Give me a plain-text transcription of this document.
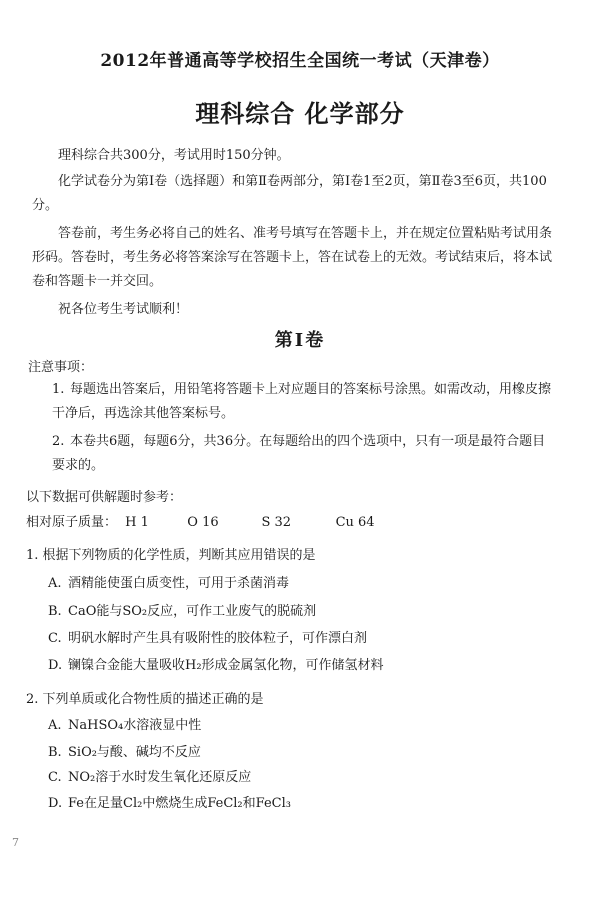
2012年普通高等学校招生全国统一考试（天津卷）
理科综合 化学部分

理科综合共300分，考试用时150分钟。

化学试卷分为第Ⅰ卷（选择题）和第Ⅱ卷两部分，第Ⅰ卷1至2页，第Ⅱ卷3至6页，共100分。

答卷前，考生务必将自己的姓名、准考号填写在答题卡上，并在规定位置粘贴考试用条形码。答卷时，考生务必将答案涂写在答题卡上，答在试卷上的无效。考试结束后，将本试卷和答题卡一并交回。

祝各位考生考试顺利！

第Ⅰ卷
注意事项：
1. 每题选出答案后，用铅笔将答题卡上对应题目的答案标号涂黑。如需改动，用橡皮擦干净后，再选涂其他答案标号。
2. 本卷共6题，每题6分，共36分。在每题给出的四个选项中，只有一项是最符合题目要求的。
以下数据可供解题时参考：
相对原子质量： H 1	O 16	S 32	Cu 64
1. 根据下列物质的化学性质，判断其应用错误的是
A. 酒精能使蛋白质变性，可用于杀菌消毒
B. CaO能与SO₂反应，可作工业废气的脱硫剂
C. 明矾水解时产生具有吸附性的胶体粒子，可作漂白剂
D. 镧镍合金能大量吸收H₂形成金属氢化物，可作储氢材料
2. 下列单质或化合物性质的描述正确的是
A. NaHSO₄水溶液显中性
B. SiO₂与酸、碱均不反应
C. NO₂溶于水时发生氧化还原反应
D. Fe在足量Cl₂中燃烧生成FeCl₂和FeCl₃
7
